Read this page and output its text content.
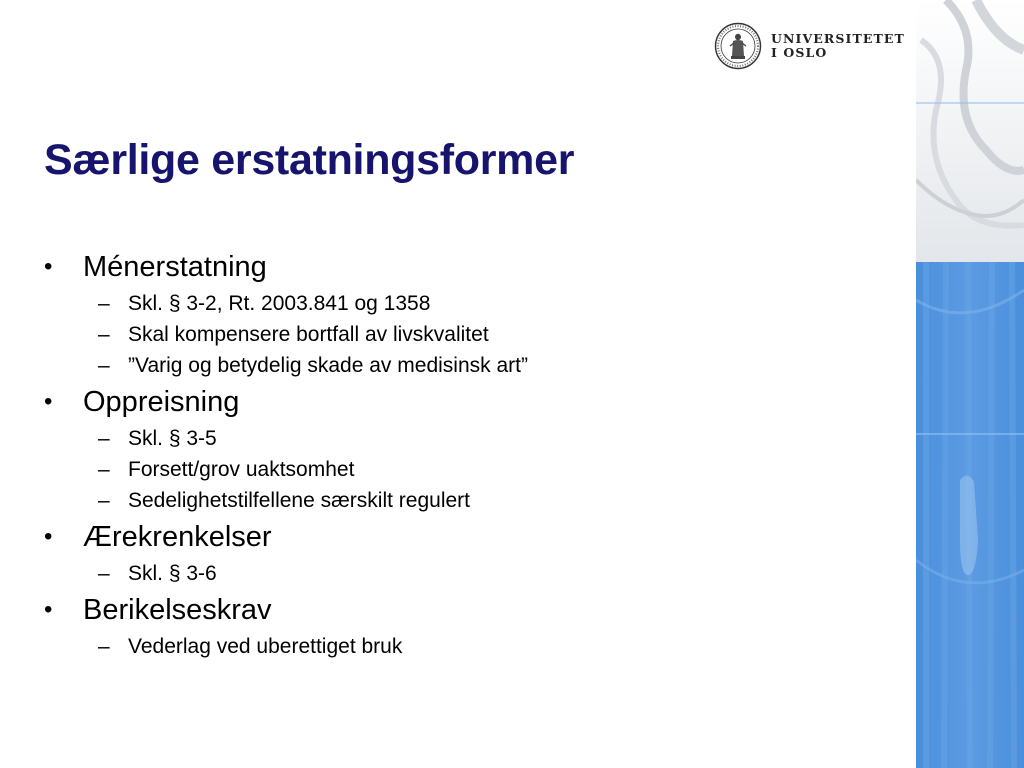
UNIVERSITETET
I OSLO
Særlige erstatningsformer
•	Ménerstatning
– Skl. § 3-2, Rt. 2003.841 og 1358
– Skal kompensere bortfall av livskvalitet
– ”Varig og betydelig skade av medisinsk art”
•	Oppreisning
– Skl. § 3-5
– Forsett/grov uaktsomhet
– Sedelighetstilfellene særskilt regulert
•	Ærekrenkelser
– Skl. § 3-6
•	Berikelseskrav
– Vederlag ved uberettiget bruk
